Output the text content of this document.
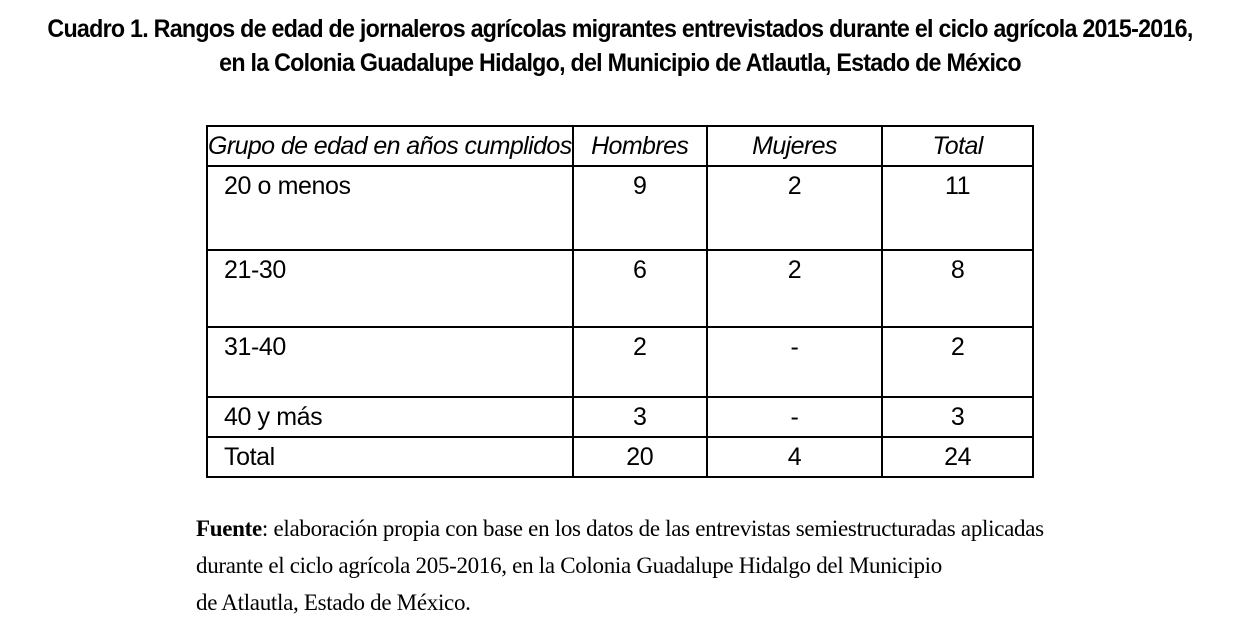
Cuadro 1. Rangos de edad de jornaleros agrícolas migrantes entrevistados durante el ciclo agrícola 2015-2016,
en la Colonia Guadalupe Hidalgo, del Municipio de Atlautla, Estado de México
Grupo de edad en años cumplidos	Hombres	Mujeres	Total
20 o menos	9	2	11
21-30	6	2	8
31-40	2	-	2
40 y más	3	-	3
Total	20	4	24
Fuente: elaboración propia con base en los datos de las entrevistas semiestructuradas aplicadas
durante el ciclo agrícola 205-2016, en la Colonia Guadalupe Hidalgo del Municipio
de Atlautla, Estado de México.
